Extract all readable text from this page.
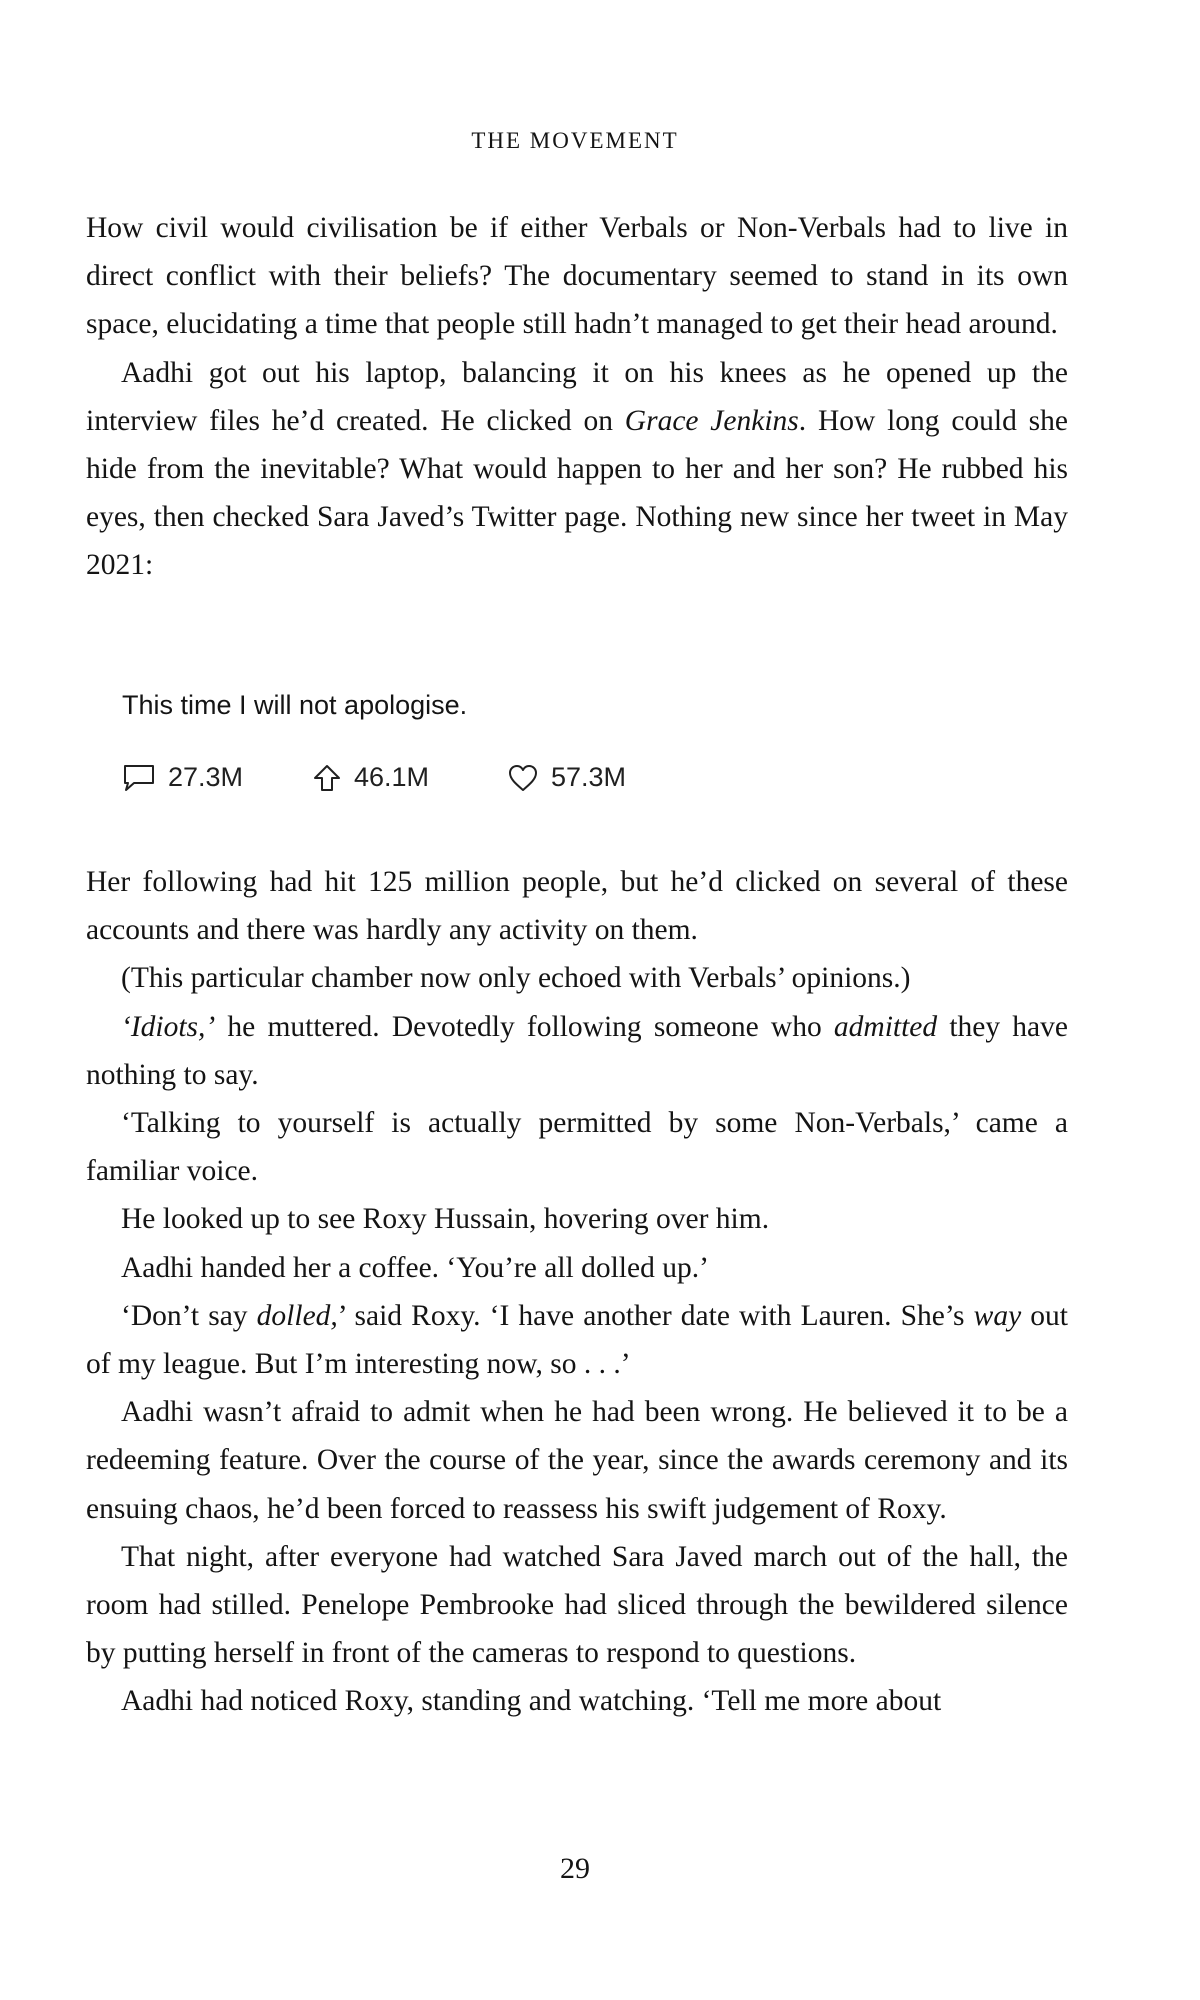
THE MOVEMENT

How civil would civilisation be if either Verbals or Non-Verbals had to live in direct conflict with their beliefs? The documentary seemed to stand in its own space, elucidating a time that people still hadn’t managed to get their head around.

Aadhi got out his laptop, balancing it on his knees as he opened up the interview files he’d created. He clicked on Grace Jenkins. How long could she hide from the inevitable? What would happen to her and her son? He rubbed his eyes, then checked Sara Javed’s Twitter page. Nothing new since her tweet in May 2021:

This time I will not apologise.
27.3M	46.1M	57.3M

Her following had hit 125 million people, but he’d clicked on several of these accounts and there was hardly any activity on them.

(This particular chamber now only echoed with Verbals’ opinions.)

‘Idiots,’ he muttered. Devotedly following someone who admitted they have nothing to say.

‘Talking to yourself is actually permitted by some Non-Verbals,’ came a familiar voice.

He looked up to see Roxy Hussain, hovering over him.

Aadhi handed her a coffee. ‘You’re all dolled up.’

‘Don’t say dolled,’ said Roxy. ‘I have another date with Lauren. She’s way out of my league. But I’m interesting now, so . . .’

Aadhi wasn’t afraid to admit when he had been wrong. He believed it to be a redeeming feature. Over the course of the year, since the awards ceremony and its ensuing chaos, he’d been forced to reassess his swift judgement of Roxy.

That night, after everyone had watched Sara Javed march out of the hall, the room had stilled. Penelope Pembrooke had sliced through the bewildered silence by putting herself in front of the cameras to respond to questions.

Aadhi had noticed Roxy, standing and watching. ‘Tell me more about

29
